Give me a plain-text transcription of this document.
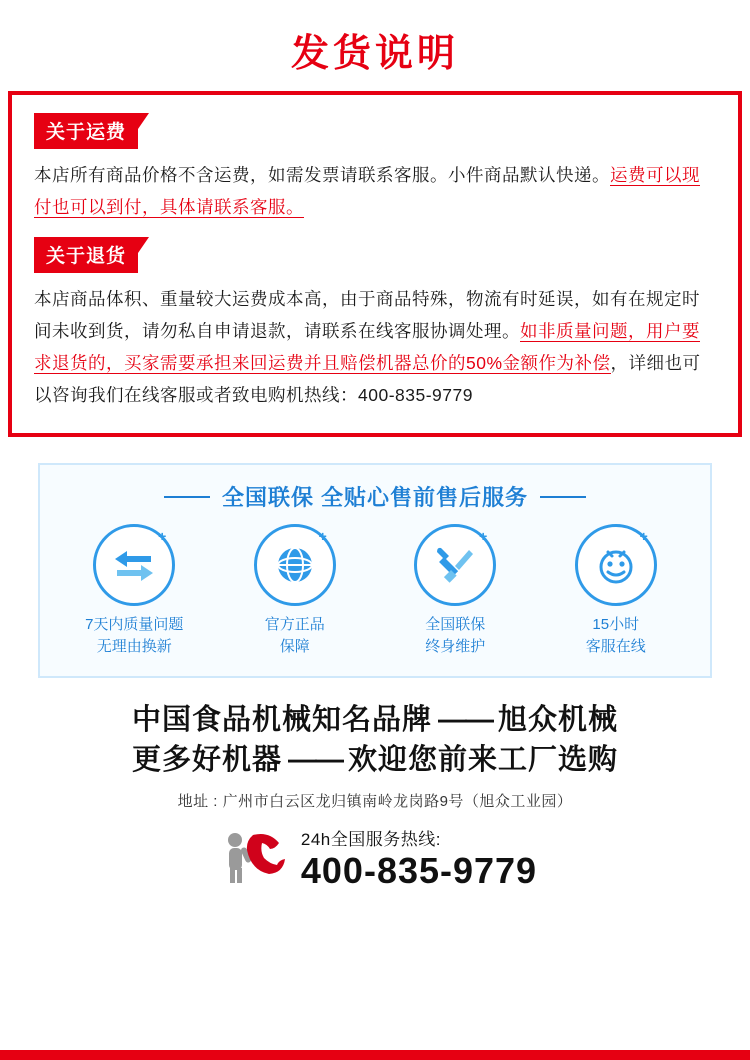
发货说明
关于运费
本店所有商品价格不含运费，如需发票请联系客服。小件商品默认快递。运费可以现付也可以到付，具体请联系客服。
关于退货
本店商品体积、重量较大运费成本高，由于商品特殊，物流有时延误，如有在规定时间未收到货，请勿私自申请退款，请联系在线客服协调处理。如非质量问题，用户要求退货的，买家需要承担来回运费并且赔偿机器总价的50%金额作为补偿，详细也可以咨询我们在线客服或者致电购机热线：400-835-9779
全国联保 全贴心售前售后服务
+
7天内质量问题
无理由换新
+
官方正品
保障
+
全国联保
终身维护
+
15小时
客服在线
中国食品机械知名品牌 —— 旭众机械
更多好机器 —— 欢迎您前来工厂选购
地址 : 广州市白云区龙归镇南岭龙岗路9号（旭众工业园）
24h全国服务热线:
400-835-9779
